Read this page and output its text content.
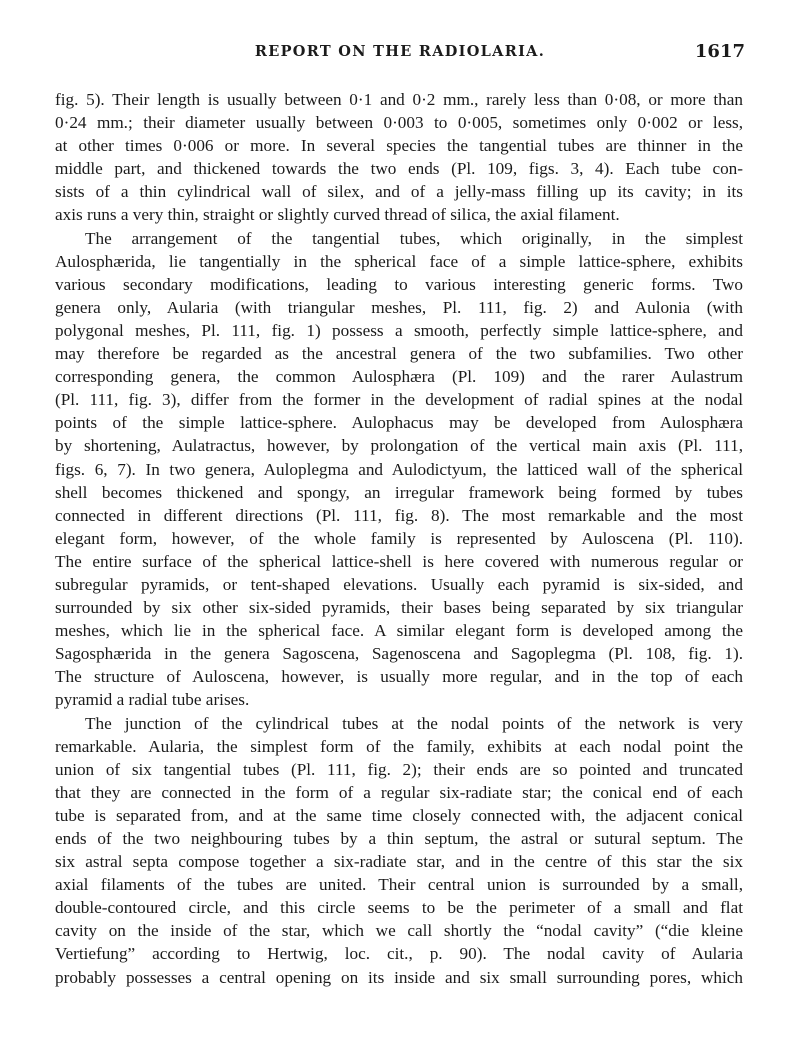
REPORT ON THE RADIOLARIA.	1617
fig. 5). Their length is usually between 0·1 and 0·2 mm., rarely less than 0·08, or more than
0·24 mm.; their diameter usually between 0·003 to 0·005, sometimes only 0·002 or less,
at other times 0·006 or more. In several species the tangential tubes are thinner in the
middle part, and thickened towards the two ends (Pl. 109, figs. 3, 4). Each tube con-
sists of a thin cylindrical wall of silex, and of a jelly-mass filling up its cavity; in its
axis runs a very thin, straight or slightly curved thread of silica, the axial filament.
The arrangement of the tangential tubes, which originally, in the simplest
Aulosphærida, lie tangentially in the spherical face of a simple lattice-sphere, exhibits
various secondary modifications, leading to various interesting generic forms. Two
genera only, Aularia (with triangular meshes, Pl. 111, fig. 2) and Aulonia (with
polygonal meshes, Pl. 111, fig. 1) possess a smooth, perfectly simple lattice-sphere, and
may therefore be regarded as the ancestral genera of the two subfamilies. Two other
corresponding genera, the common Aulosphæra (Pl. 109) and the rarer Aulastrum
(Pl. 111, fig. 3), differ from the former in the development of radial spines at the nodal
points of the simple lattice-sphere. Aulophacus may be developed from Aulosphæra
by shortening, Aulatractus, however, by prolongation of the vertical main axis (Pl. 111,
figs. 6, 7). In two genera, Auloplegma and Aulodictyum, the latticed wall of the spherical
shell becomes thickened and spongy, an irregular framework being formed by tubes
connected in different directions (Pl. 111, fig. 8). The most remarkable and the most
elegant form, however, of the whole family is represented by Auloscena (Pl. 110).
The entire surface of the spherical lattice-shell is here covered with numerous regular or
subregular pyramids, or tent-shaped elevations. Usually each pyramid is six-sided, and
surrounded by six other six-sided pyramids, their bases being separated by six triangular
meshes, which lie in the spherical face. A similar elegant form is developed among the
Sagosphærida in the genera Sagoscena, Sagenoscena and Sagoplegma (Pl. 108, fig. 1).
The structure of Auloscena, however, is usually more regular, and in the top of each
pyramid a radial tube arises.
The junction of the cylindrical tubes at the nodal points of the network is very
remarkable. Aularia, the simplest form of the family, exhibits at each nodal point the
union of six tangential tubes (Pl. 111, fig. 2); their ends are so pointed and truncated
that they are connected in the form of a regular six-radiate star; the conical end of each
tube is separated from, and at the same time closely connected with, the adjacent conical
ends of the two neighbouring tubes by a thin septum, the astral or sutural septum. The
six astral septa compose together a six-radiate star, and in the centre of this star the six
axial filaments of the tubes are united. Their central union is surrounded by a small,
double-contoured circle, and this circle seems to be the perimeter of a small and flat
cavity on the inside of the star, which we call shortly the “nodal cavity” (“die kleine
Vertiefung” according to Hertwig, loc. cit., p. 90). The nodal cavity of Aularia
probably possesses a central opening on its inside and six small surrounding pores, which
